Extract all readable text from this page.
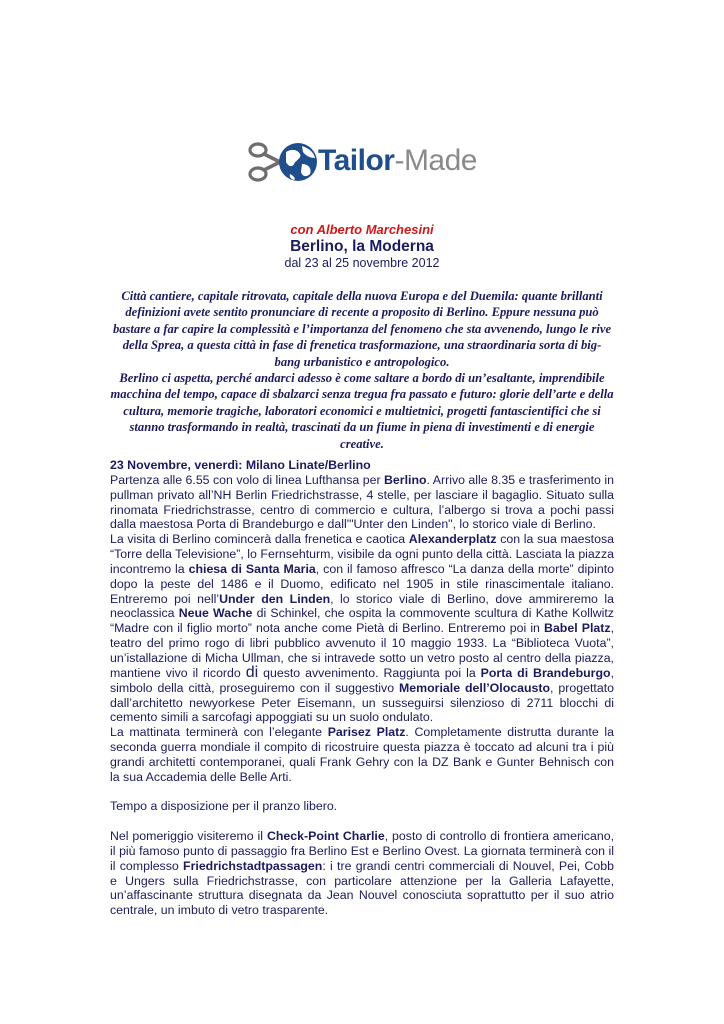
Tailor-Made
con Alberto Marchesini
Berlino, la Moderna
dal 23 al 25 novembre 2012

Città cantiere, capitale ritrovata, capitale della nuova Europa e del Duemila: quante brillanti definizioni avete sentito pronunciare di recente a proposito di Berlino. Eppure nessuna può bastare a far capire la complessità e l’importanza del fenomeno che sta avvenendo, lungo le rive della Sprea, a questa città in fase di frenetica trasformazione, una straordinaria sorta di big-bang urbanistico e antropologico.

Berlino ci aspetta, perché andarci adesso è come saltare a bordo di un’esaltante, imprendibile macchina del tempo, capace di sbalzarci senza tregua fra passato e futuro: glorie dell’arte e della cultura, memorie tragiche, laboratori economici e multietnici, progetti fantascientifici che si stanno trasformando in realtà, trascinati da un fiume in piena di investimenti e di energie creative.

23 Novembre, venerdì: Milano Linate/Berlino

Partenza alle 6.55 con volo di linea Lufthansa per Berlino. Arrivo alle 8.35 e trasferimento in pullman privato all’NH Berlin Friedrichstrasse, 4 stelle, per lasciare il bagaglio. Situato sulla rinomata Friedrichstrasse, centro di commercio e cultura, l’albergo si trova a pochi passi dalla maestosa Porta di Brandeburgo e dall'"Unter den Linden", lo storico viale di Berlino.

La visita di Berlino comincerà dalla frenetica e caotica Alexanderplatz con la sua maestosa “Torre della Televisione”, lo Fernsehturm, visibile da ogni punto della città. Lasciata la piazza incontremo la chiesa di Santa Maria, con il famoso affresco “La danza della morte” dipinto dopo la peste del 1486 e il Duomo, edificato nel 1905 in stile rinascimentale italiano. Entreremo poi nell’Under den Linden, lo storico viale di Berlino, dove ammireremo la neoclassica Neue Wache di Schinkel, che ospita la commovente scultura di Kathe Kollwitz “Madre con il figlio morto” nota anche come Pietà di Berlino. Entreremo poi in Babel Platz, teatro del primo rogo di libri pubblico avvenuto il 10 maggio 1933. La “Biblioteca Vuota”, un’istallazione di Micha Ullman, che si intravede sotto un vetro posto al centro della piazza, mantiene vivo il ricordo di questo avvenimento. Raggiunta poi la Porta di Brandeburgo, simbolo della città, proseguiremo con il suggestivo Memoriale dell’Olocausto, progettato dall’architetto newyorkese Peter Eisemann, un susseguirsi silenzioso di 2711 blocchi di cemento simili a sarcofagi appoggiati su un suolo ondulato.

La mattinata terminerà con l’elegante Parisez Platz. Completamente distrutta durante la seconda guerra mondiale il compito di ricostruire questa piazza è toccato ad alcuni tra i più grandi architetti contemporanei, quali Frank Gehry con la DZ Bank e Gunter Behnisch con la sua Accademia delle Belle Arti.

Tempo a disposizione per il pranzo libero.

Nel pomeriggio visiteremo il Check-Point Charlie, posto di controllo di frontiera americano, il più famoso punto di passaggio fra Berlino Est e Berlino Ovest. La giornata terminerà con il il complesso Friedrichstadtpassagen: i tre grandi centri commerciali di Nouvel, Pei, Cobb e Ungers sulla Friedrichstrasse, con particolare attenzione per la Galleria Lafayette, un’affascinante struttura disegnata da Jean Nouvel conosciuta soprattutto per il suo atrio centrale, un imbuto di vetro trasparente.
